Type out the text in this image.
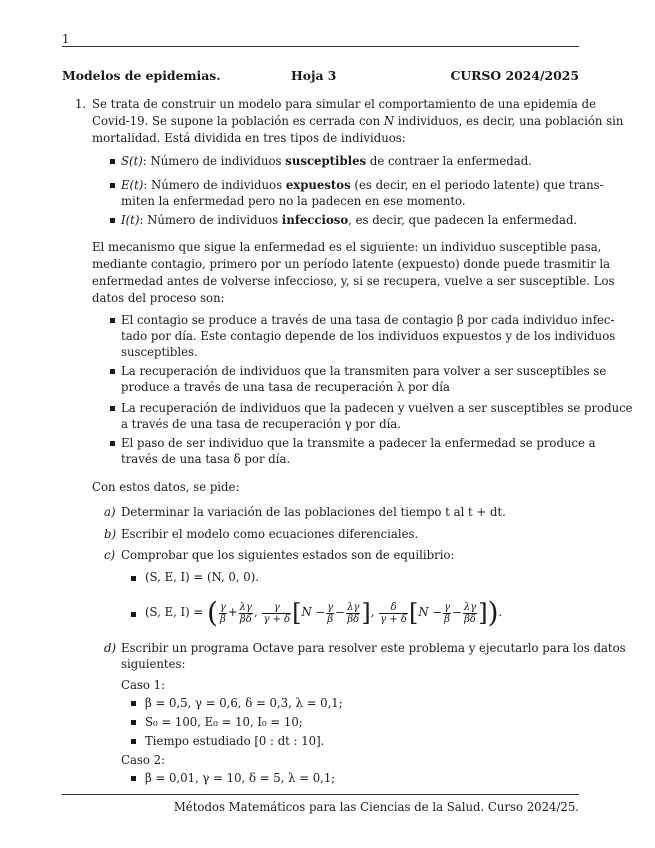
1
Modelos de epidemias.	Hoja 3	CURSO 2024/2025
1. Se trata de construir un modelo para simular el comportamiento de una epidemia de
Covid-19. Se supone la población es cerrada con N individuos, es decir, una población sin
mortalidad. Está dividida en tres tipos de individuos:
S(t): Número de individuos susceptibles de contraer la enfermedad.
E(t): Número de individuos expuestos (es decir, en el periodo latente) que trans-
miten la enfermedad pero no la padecen en ese momento.
I(t): Número de individuos infeccioso, es decir, que padecen la enfermedad.
El mecanismo que sigue la enfermedad es el siguiente: un individuo susceptible pasa,
mediante contagio, primero por un período latente (expuesto) donde puede trasmitir la
enfermedad antes de volverse infeccioso, y, si se recupera, vuelve a ser susceptible. Los
datos del proceso son:
El contagio se produce a través de una tasa de contagio β por cada individuo infec-
tado por día. Este contagio depende de los individuos expuestos y de los individuos
susceptibles.
La recuperación de individuos que la transmiten para volver a ser susceptibles se
produce a través de una tasa de recuperación λ por día
La recuperación de individuos que la padecen y vuelven a ser susceptibles se produce
a través de una tasa de recuperación γ por día.
El paso de ser individuo que la transmite a padecer la enfermedad se produce a
través de una tasa δ por día.
Con estos datos, se pide:
a) Determinar la variación de las poblaciones del tiempo t al t + dt.
b) Escribir el modelo como ecuaciones diferenciales.
c) Comprobar que los siguientes estados son de equilibrio:
(S, E, I) = (N, 0, 0).
(S, E, I) = ( $\frac{\gamma}{\beta} + \frac{\lambda\gamma}{\beta\delta}$ , $\frac{\gamma}{\gamma + \delta} [N - \frac{\gamma}{\beta} - \frac{\lambda\gamma}{\beta\delta}$ ], $\frac{\delta}{\gamma + \delta} [N - \frac{\gamma}{\beta} - \frac{\lambda\gamma}{\beta\delta}$ ]).
d) Escribir un programa Octave para resolver este problema y ejecutarlo para los datos
siguientes:
Caso 1:
β = 0,5, γ = 0,6, δ = 0,3, λ = 0,1;
S₀ = 100, E₀ = 10, I₀ = 10;
Tiempo estudiado [0 : dt : 10].
Caso 2:
β = 0,01, γ = 10, δ = 5, λ = 0,1;
Métodos Matemáticos para las Ciencias de la Salud. Curso 2024/25.
